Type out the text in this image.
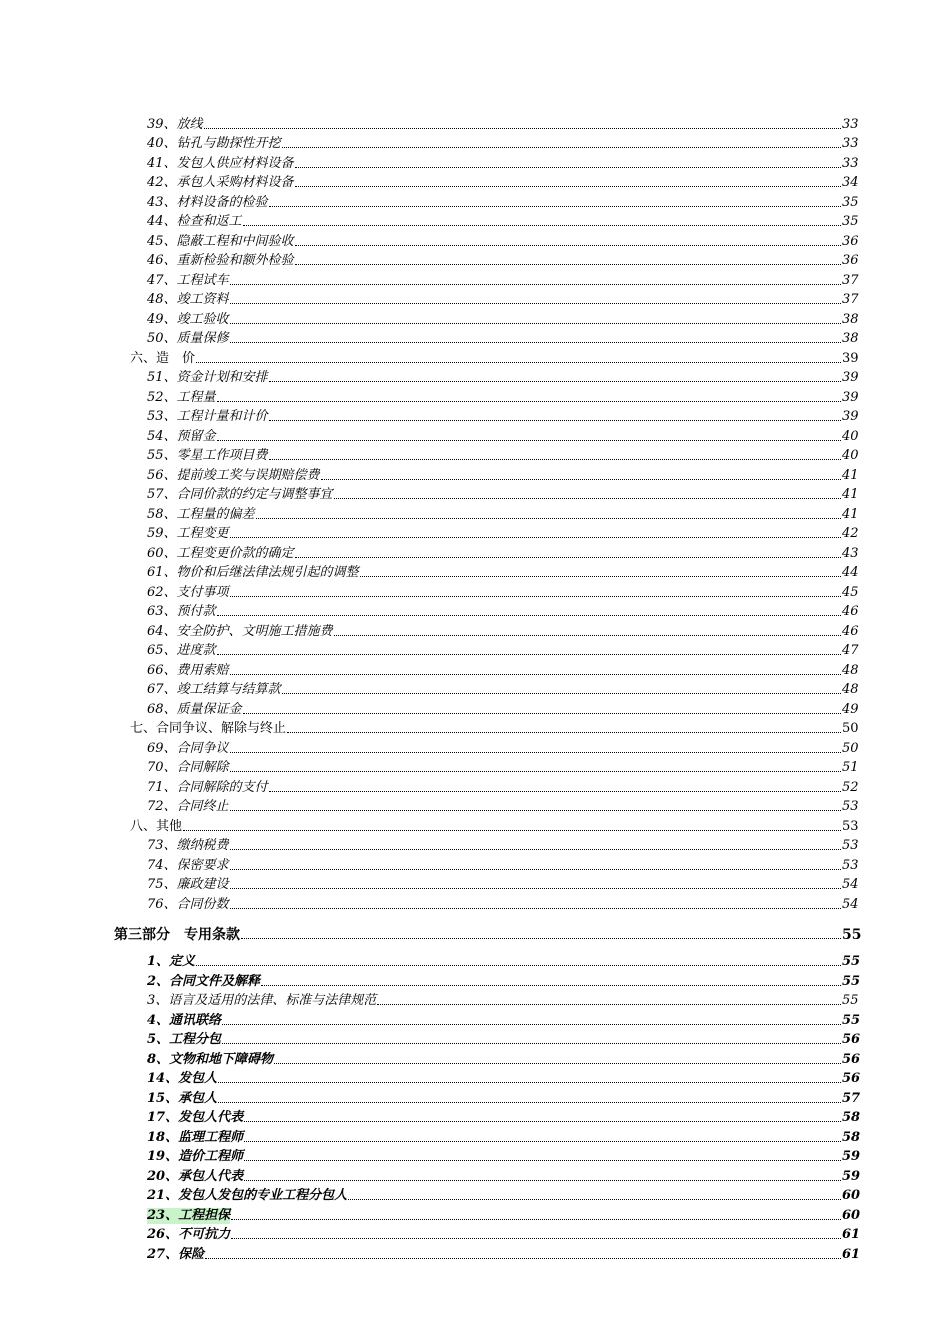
39、放线	33
40、钻孔与勘探性开挖	33
41、发包人供应材料设备	33
42、承包人采购材料设备	34
43、材料设备的检验	35
44、检查和返工	35
45、隐蔽工程和中间验收	36
46、重新检验和额外检验	36
47、工程试车	37
48、竣工资料	37
49、竣工验收	38
50、质量保修	38
六、造　价	39
51、资金计划和安排	39
52、工程量	39
53、工程计量和计价	39
54、预留金	40
55、零星工作项目费	40
56、提前竣工奖与误期赔偿费	41
57、合同价款的约定与调整事宜	41
58、工程量的偏差	41
59、工程变更	42
60、工程变更价款的确定	43
61、物价和后继法律法规引起的调整	44
62、支付事项	45
63、预付款	46
64、安全防护、文明施工措施费	46
65、进度款	47
66、费用索赔	48
67、竣工结算与结算款	48
68、质量保证金	49
七、合同争议、解除与终止	50
69、合同争议	50
70、合同解除	51
71、合同解除的支付	52
72、合同终止	53
八、其他	53
73、缴纳税费	53
74、保密要求	53
75、廉政建设	54
76、合同份数	54
第三部分　专用条款	55
1、定义	55
2、合同文件及解释	55
3、语言及适用的法律、标准与法律规范	55
4、通讯联络	55
5、工程分包	56
8、文物和地下障碍物	56
14、发包人	56
15、承包人	57
17、发包人代表	58
18、监理工程师	58
19、造价工程师	59
20、承包人代表	59
21、发包人发包的专业工程分包人	60
23、工程担保	60
26、不可抗力	61
27、保险	61
